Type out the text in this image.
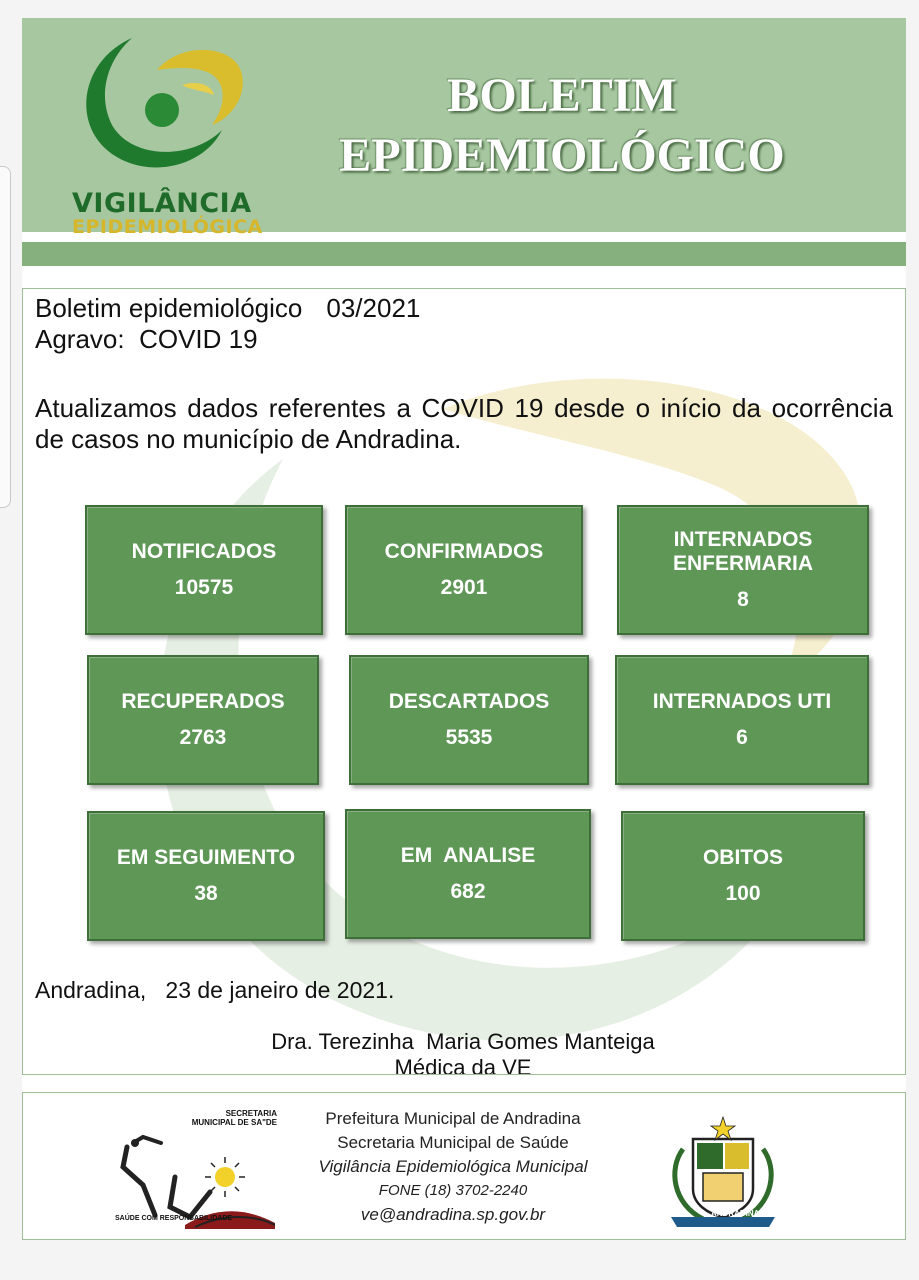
VIGILÂNCIA
EPIDEMIOLÓGICA
BOLETIM
EPIDEMIOLÓGICO
Boletim epidemiológico 03/2021
Agravo: COVID 19
Atualizamos dados referentes a COVID 19 desde o início da ocorrência de casos no município de Andradina.
NOTIFICADOS
10575
CONFIRMADOS
2901
INTERNADOS ENFERMARIA
8
RECUPERADOS
2763
DESCARTADOS
5535
INTERNADOS UTI
6
EM SEGUIMENTO
38
EM  ANALISE
682
OBITOS
100
Andradina, 23 de janeiro de 2021.
Dra. Terezinha  Maria Gomes Manteiga
Médica da VE
SECRETARIA MUNICIPAL DE SA"DE
SAÚDE COM RESPONSABILIDADE
Prefeitura Municipal de Andradina
Secretaria Municipal de Saúde
Vigilância Epidemiológica Municipal
FONE (18) 3702-2240
ve@andradina.sp.gov.br	ANDRADINA
